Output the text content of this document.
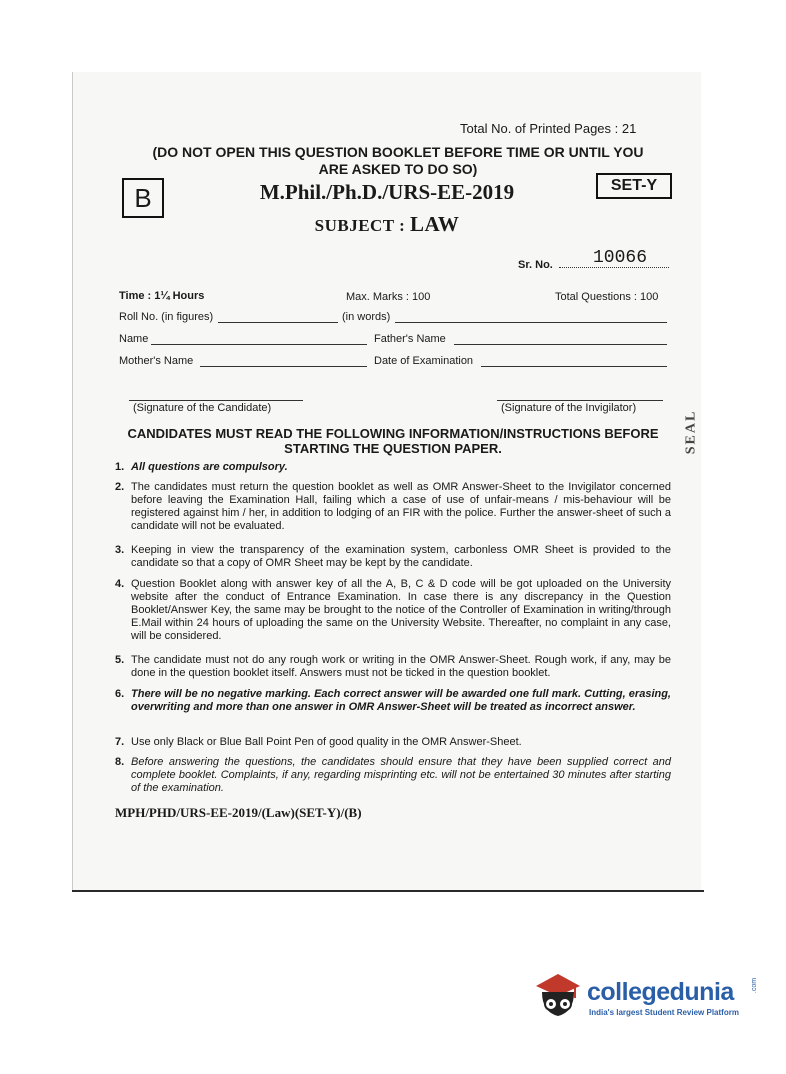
Total No. of Printed Pages : 21
(DO NOT OPEN THIS QUESTION BOOKLET BEFORE TIME OR UNTIL YOU
ARE ASKED TO DO SO)
B	SET-Y
M.Phil./Ph.D./URS-EE-2019
SUBJECT : LAW
Sr. No.	10066
Time : 1¼ Hours	Max. Marks : 100	Total Questions : 100
Roll No. (in figures)	(in words)
Name	Father's Name
Mother's Name	Date of Examination
(Signature of the Candidate)	(Signature of the Invigilator)
SEAL
CANDIDATES MUST READ THE FOLLOWING INFORMATION/INSTRUCTIONS BEFORE
STARTING THE QUESTION PAPER.
1. All questions are compulsory.
2. The candidates must return the question booklet as well as OMR Answer-Sheet to the Invigilator concerned before leaving the Examination Hall, failing which a case of use of unfair-means / mis-behaviour will be registered against him / her, in addition to lodging of an FIR with the police. Further the answer-sheet of such a candidate will not be evaluated.
3. Keeping in view the transparency of the examination system, carbonless OMR Sheet is provided to the candidate so that a copy of OMR Sheet may be kept by the candidate.
4. Question Booklet along with answer key of all the A, B, C & D code will be got uploaded on the University website after the conduct of Entrance Examination. In case there is any discrepancy in the Question Booklet/Answer Key, the same may be brought to the notice of the Controller of Examination in writing/through E.Mail within 24 hours of uploading the same on the University Website. Thereafter, no complaint in any case, will be considered.
5. The candidate must not do any rough work or writing in the OMR Answer-Sheet. Rough work, if any, may be done in the question booklet itself. Answers must not be ticked in the question booklet.
6. There will be no negative marking. Each correct answer will be awarded one full mark. Cutting, erasing, overwriting and more than one answer in OMR Answer-Sheet will be treated as incorrect answer.
7. Use only Black or Blue Ball Point Pen of good quality in the OMR Answer-Sheet.
8. Before answering the questions, the candidates should ensure that they have been supplied correct and complete booklet. Complaints, if any, regarding misprinting etc. will not be entertained 30 minutes after starting of the examination.
MPH/PHD/URS-EE-2019/(Law)(SET-Y)/(B)
collegedunia .com
India's largest Student Review Platform
